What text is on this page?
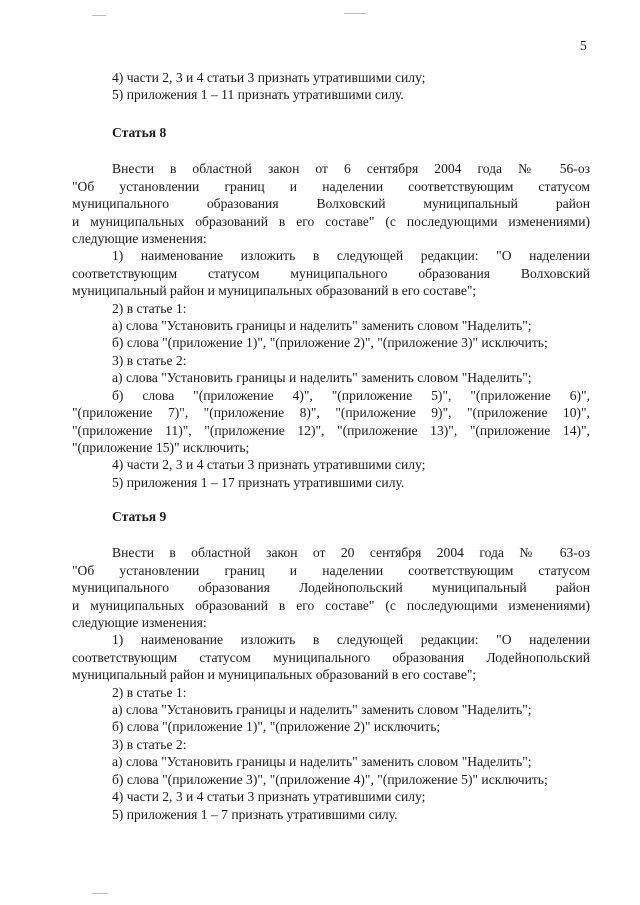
5

4) части 2, 3 и 4 статьи 3 признать утратившими силу;

5) приложения 1 – 11 признать утратившими силу.

Статья 8

Внести в областной закон от 6 сентября 2004 года № 56-оз

"Об установлении границ и наделении соответствующим статусом

муниципального образования Волховский муниципальный район

и муниципальных образований в его составе" (с последующими изменениями)

следующие изменения:

1) наименование изложить в следующей редакции: "О наделении

соответствующим статусом муниципального образования Волховский

муниципальный район и муниципальных образований в его составе";

2) в статье 1:

а) слова "Установить границы и наделить" заменить словом "Наделить";

б) слова "(приложение 1)", "(приложение 2)", "(приложение 3)" исключить;

3) в статье 2:

а) слова "Установить границы и наделить" заменить словом "Наделить";

б) слова "(приложение 4)", "(приложение 5)", "(приложение 6)",

"(приложение 7)", "(приложение 8)", "(приложение 9)", "(приложение 10)",

"(приложение 11)", "(приложение 12)", "(приложение 13)", "(приложение 14)",

"(приложение 15)" исключить;

4) части 2, 3 и 4 статьи 3 признать утратившими силу;

5) приложения 1 – 17 признать утратившими силу.

Статья 9

Внести в областной закон от 20 сентября 2004 года № 63-оз

"Об установлении границ и наделении соответствующим статусом

муниципального образования Лодейнопольский муниципальный район

и муниципальных образований в его составе" (с последующими изменениями)

следующие изменения:

1) наименование изложить в следующей редакции: "О наделении

соответствующим статусом муниципального образования Лодейнопольский

муниципальный район и муниципальных образований в его составе";

2) в статье 1:

а) слова "Установить границы и наделить" заменить словом "Наделить";

б) слова "(приложение 1)", "(приложение 2)" исключить;

3) в статье 2:

а) слова "Установить границы и наделить" заменить словом "Наделить";

б) слова "(приложение 3)", "(приложение 4)", "(приложение 5)" исключить;

4) части 2, 3 и 4 статьи 3 признать утратившими силу;

5) приложения 1 – 7 признать утратившими силу.
